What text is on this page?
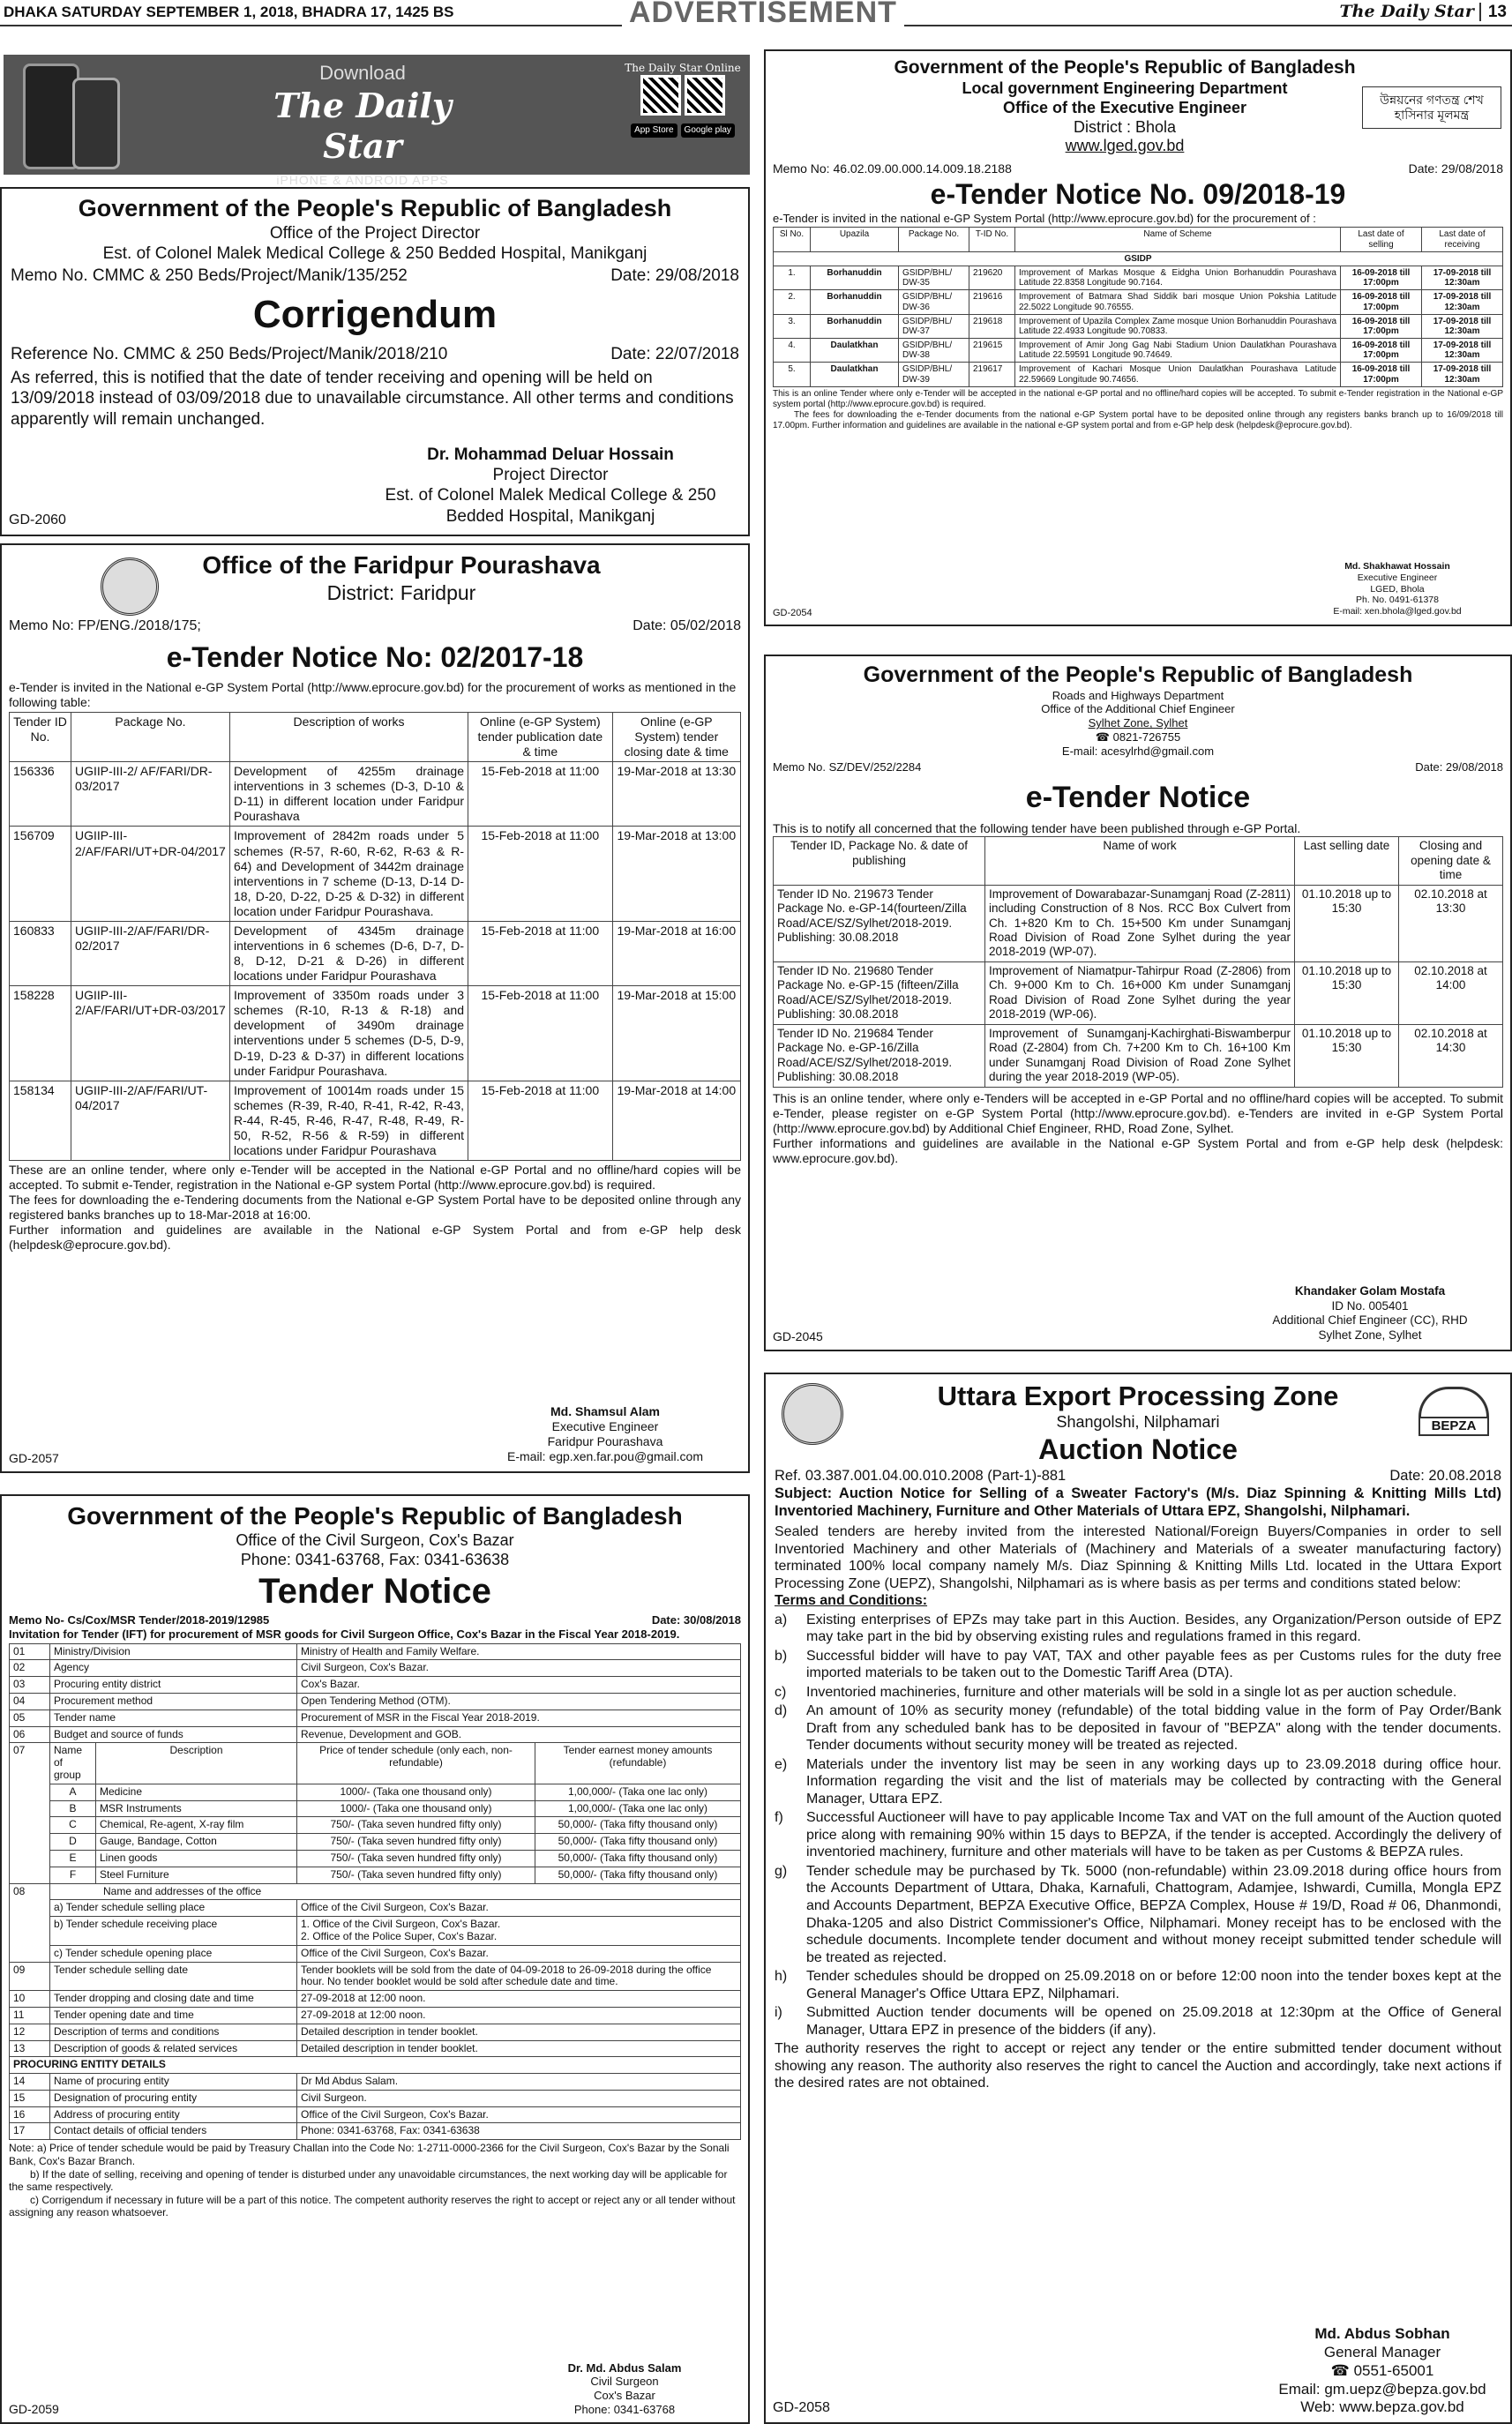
DHAKA SATURDAY SEPTEMBER 1, 2018, BHADRA 17, 1425 BS	ADVERTISEMENT	The Daily Star 13
Download
The Daily Star
iPHONE & ANDROID APPS
The Daily Star Online

App Store	Google play
Government of the People's Republic of Bangladesh
Office of the Project Director
Est. of Colonel Malek Medical College & 250 Bedded Hospital, Manikganj
Memo No. CMMC & 250 Beds/Project/Manik/135/252	Date: 29/08/2018
Corrigendum
Reference No. CMMC & 250 Beds/Project/Manik/2018/210	Date: 22/07/2018

As referred, this is notified that the date of tender receiving and opening will be held on 13/09/2018 instead of 03/09/2018 due to unavailable circumstance. All other terms and conditions apparently will remain unchanged.

Dr. Mohammad Deluar Hossain
Project Director
Est. of Colonel Malek Medical College & 250 Bedded Hospital, Manikganj
GD-2060
Office of the Faridpur Pourashava
District: Faridpur
Memo No: FP/ENG./2018/175;	Date: 05/02/2018
e-Tender Notice No: 02/2017-18

e-Tender is invited in the National e-GP System Portal (http://www.eprocure.gov.bd) for the procurement of works as mentioned in the following table:

Tender ID No.	Package No.	Description of works	Online (e-GP System) tender publication date & time	Online (e-GP System) tender closing date & time
156336	UGIIP-III-2/ AF/FARI/DR-03/2017	Development of 4255m drainage interventions in 3 schemes (D-3, D-10 & D-11) in different location under Faridpur Pourashava	15-Feb-2018 at 11:00	19-Mar-2018 at 13:30
156709	UGIIP-III-2/AF/FARI/UT+DR-04/2017	Improvement of 2842m roads under 5 schemes (R-57, R-60, R-62, R-63 & R-64) and Development of 3442m drainage interventions in 7 scheme (D-13, D-14 D-18, D-20, D-22, D-25 & D-32) in different location under Faridpur Pourashava.	15-Feb-2018 at 11:00	19-Mar-2018 at 13:00
160833	UGIIP-III-2/AF/FARI/DR-02/2017	Development of 4345m drainage interventions in 6 schemes (D-6, D-7, D-8, D-12, D-21 & D-26) in different locations under Faridpur Pourashava	15-Feb-2018 at 11:00	19-Mar-2018 at 16:00
158228	UGIIP-III-2/AF/FARI/UT+DR-03/2017	Improvement of 3350m roads under 3 schemes (R-10, R-13 & R-18) and development of 3490m drainage interventions under 5 schemes (D-5, D-9, D-19, D-23 & D-37) in different locations under Faridpur Pourashava.	15-Feb-2018 at 11:00	19-Mar-2018 at 15:00
158134	UGIIP-III-2/AF/FARI/UT-04/2017	Improvement of 10014m roads under 15 schemes (R-39, R-40, R-41, R-42, R-43, R-44, R-45, R-46, R-47, R-48, R-49, R-50, R-52, R-56 & R-59) in different locations under Faridpur Pourashava	15-Feb-2018 at 11:00	19-Mar-2018 at 14:00

These are an online tender, where only e-Tender will be accepted in the National e-GP Portal and no offline/hard copies will be accepted. To submit e-Tender, registration in the National e-GP system Portal (http://www.eprocure.gov.bd) is required.

The fees for downloading the e-Tendering documents from the National e-GP System Portal have to be deposited online through any registered banks branches up to 18-Mar-2018 at 16:00.

Further information and guidelines are available in the National e-GP System Portal and from e-GP help desk (helpdesk@eprocure.gov.bd).

Md. Shamsul Alam
Executive Engineer
Faridpur Pourashava
E-mail: egp.xen.far.pou@gmail.com
GD-2057
Government of the People's Republic of Bangladesh
Office of the Civil Surgeon, Cox's Bazar
Phone: 0341-63768, Fax: 0341-63638
Tender Notice
Memo No- Cs/Cox/MSR Tender/2018-2019/12985	Date: 30/08/2018
Invitation for Tender (IFT) for procurement of MSR goods for Civil Surgeon Office, Cox's Bazar in the Fiscal Year 2018-2019.
01	Ministry/Division		Ministry of Health and Family Welfare.	
02	Agency		Civil Surgeon, Cox's Bazar.	
03	Procuring entity district		Cox's Bazar.	
04	Procurement method		Open Tendering Method (OTM).	
05	Tender name		Procurement of MSR in the Fiscal Year 2018-2019.	
06	Budget and source of funds		Revenue, Development and GOB.	
07	Name of group	Description	Price of tender schedule (only each, non-refundable)	Tender earnest money amounts (refundable)
	A	Medicine	1000/- (Taka one thousand only)	1,00,000/- (Taka one lac only)
	B	MSR Instruments	1000/- (Taka one thousand only)	1,00,000/- (Taka one lac only)
	C	Chemical, Re-agent, X-ray film	750/- (Taka seven hundred fifty only)	50,000/- (Taka fifty thousand only)
	D	Gauge, Bandage, Cotton	750/- (Taka seven hundred fifty only)	50,000/- (Taka fifty thousand only)
	E	Linen goods	750/- (Taka seven hundred fifty only)	50,000/- (Taka fifty thousand only)
	F	Steel Furniture	750/- (Taka seven hundred fifty only)	50,000/- (Taka fifty thousand only)
08	Name and addresses of the office			
	a) Tender schedule selling place		Office of the Civil Surgeon, Cox's Bazar.	
	b) Tender schedule receiving place		1. Office of the Civil Surgeon, Cox's Bazar.
2. Office of the Police Super, Cox's Bazar.	

	c) Tender schedule opening place		Office of the Civil Surgeon, Cox's Bazar.	
09	Tender schedule selling date		Tender booklets will be sold from the date of 04-09-2018 to 26-09-2018 during the office hour. No tender booklet would be sold after schedule date and time.	
10	Tender dropping and closing date and time		27-09-2018 at 12:00 noon.	
11	Tender opening date and time		27-09-2018 at 12:00 noon.	
12	Description of terms and conditions		Detailed description in tender booklet.	
13	Description of goods & related services		Detailed description in tender booklet.	
PROCURING ENTITY DETAILS				
14	Name of procuring entity		Dr Md Abdus Salam.	
15	Designation of procuring entity		Civil Surgeon.	
16	Address of procuring entity		Office of the Civil Surgeon, Cox's Bazar.	
17	Contact details of official tenders		Phone: 0341-63768, Fax: 0341-63638	

Note: a) Price of tender schedule would be paid by Treasury Challan into the Code No: 1-2711-0000-2366 for the Civil Surgeon, Cox's Bazar by the Sonali Bank, Cox's Bazar Branch.

b) If the date of selling, receiving and opening of tender is disturbed under any unavoidable circumstances, the next working day will be applicable for the same respectively.

c) Corrigendum if necessary in future will be a part of this notice. The competent authority reserves the right to accept or reject any or all tender without assigning any reason whatsoever.

Dr. Md. Abdus Salam
Civil Surgeon
Cox's Bazar
Phone: 0341-63768
GD-2059
Government of the People's Republic of Bangladesh
Local government Engineering Department
Office of the Executive Engineer
District : Bhola
www.lged.gov.bd
উন্নয়নের গণতন্ত্র শেখ হাসিনার মূলমন্ত্র
Memo No: 46.02.09.00.000.14.009.18.2188	Date: 29/08/2018
e-Tender Notice No. 09/2018-19

e-Tender is invited in the national e-GP System Portal (http://www.eprocure.gov.bd) for the procurement of :

Sl No.	Upazila	Package No.	T-ID No.	Name of Scheme	Last date of selling	Last date of receiving
GSIDP						
1.	Borhanuddin	GSIDP/BHL/ DW-35	219620	Improvement of Markas Mosque & Eidgha Union Borhanuddin Pourashava Latitude 22.8358 Longitude 90.7164.	16-09-2018 till 17:00pm	17-09-2018 till 12:30am
2.	Borhanuddin	GSIDP/BHL/ DW-36	219616	Improvement of Batmara Shad Siddik bari mosque Union Pokshia Latitude 22.5022 Longitude 90.76555.	16-09-2018 till 17:00pm	17-09-2018 till 12:30am
3.	Borhanuddin	GSIDP/BHL/ DW-37	219618	Improvement of Upazila Complex Zame mosque Union Borhanuddin Pourashava Latitude 22.4933 Longitude 90.70833.	16-09-2018 till 17:00pm	17-09-2018 till 12:30am
4.	Daulatkhan	GSIDP/BHL/ DW-38	219615	Improvement of Amir Jong Gag Nabi Stadium Union Daulatkhan Pourashava Latitude 22.59591 Longitude 90.74649.	16-09-2018 till 17:00pm	17-09-2018 till 12:30am
5.	Daulatkhan	GSIDP/BHL/ DW-39	219617	Improvement of Kachari Mosque Union Daulatkhan Pourashava Latitude 22.59669 Longitude 90.74656.	16-09-2018 till 17:00pm	17-09-2018 till 12:30am

This is an online Tender where only e-Tender will be accepted in the national e-GP portal and no offline/hard copies will be accepted. To submit e-Tender registration in the National e-GP system portal (http://www.eprocure.gov.bd) is required.

The fees for downloading the e-Tender documents from the national e-GP System portal have to be deposited online through any registers banks branch up to 16/09/2018 till 17.00pm. Further information and guidelines are available in the national e-GP system portal and from e-GP help desk (helpdesk@eprocure.gov.bd).

Md. Shakhawat Hossain
Executive Engineer
LGED, Bhola
Ph. No. 0491-61378
E-mail: xen.bhola@lged.gov.bd
GD-2054
Government of the People's Republic of Bangladesh
Roads and Highways Department
Office of the Additional Chief Engineer
Sylhet Zone, Sylhet
☎ 0821-726755
E-mail: acesylrhd@gmail.com
Memo No. SZ/DEV/252/2284	Date: 29/08/2018
e-Tender Notice

This is to notify all concerned that the following tender have been published through e-GP Portal.

Tender ID, Package No. & date of publishing	Name of work	Last selling date	Closing and opening date & time
Tender ID No. 219673 Tender Package No. e-GP-14(fourteen/Zilla Road/ACE/SZ/Sylhet/2018-2019. Publishing: 30.08.2018	Improvement of Dowarabazar-Sunamganj Road (Z-2811) including Construction of 8 Nos. RCC Box Culvert from Ch. 1+820 Km to Ch. 15+500 Km under Sunamganj Road Division of Road Zone Sylhet during the year 2018-2019 (WP-07).	01.10.2018 up to 15:30	02.10.2018 at 13:30
Tender ID No. 219680 Tender Package No. e-GP-15 (fifteen/Zilla Road/ACE/SZ/Sylhet/2018-2019. Publishing: 30.08.2018	Improvement of Niamatpur-Tahirpur Road (Z-2806) from Ch. 9+000 Km to Ch. 16+000 Km under Sunamganj Road Division of Road Zone Sylhet during the year 2018-2019 (WP-06).	01.10.2018 up to 15:30	02.10.2018 at 14:00
Tender ID No. 219684 Tender Package No. e-GP-16/Zilla Road/ACE/SZ/Sylhet/2018-2019. Publishing: 30.08.2018	Improvement of Sunamganj-Kachirghati-Biswamberpur Road (Z-2804) from Ch. 7+200 Km to Ch. 16+100 Km under Sunamganj Road Division of Road Zone Sylhet during the year 2018-2019 (WP-05).	01.10.2018 up to 15:30	02.10.2018 at 14:30

This is an online tender, where only e-Tenders will be accepted in e-GP Portal and no offline/hard copies will be accepted. To submit e-Tender, please register on e-GP System Portal (http://www.eprocure.gov.bd). e-Tenders are invited in e-GP System Portal (http://www.eprocure.gov.bd) by Additional Chief Engineer, RHD, Road Zone, Sylhet.

Further informations and guidelines are available in the National e-GP System Portal and from e-GP help desk (helpdesk: www.eprocure.gov.bd).

Khandaker Golam Mostafa
ID No. 005401
Additional Chief Engineer (CC), RHD
Sylhet Zone, Sylhet
GD-2045
BEPZA
Uttara Export Processing Zone
Shangolshi, Nilphamari
Auction Notice
Ref. 03.387.001.04.00.010.2008 (Part-1)-881	Date: 20.08.2018

Subject: Auction Notice for Selling of a Sweater Factory's (M/s. Diaz Spinning & Knitting Mills Ltd) Inventoried Machinery, Furniture and Other Materials of Uttara EPZ, Shangolshi, Nilphamari.

Sealed tenders are hereby invited from the interested National/Foreign Buyers/Companies in order to sell Inventoried Machinery and other Materials of (Machinery and Materials of a sweater manufacturing factory) terminated 100% local company namely M/s. Diaz Spinning & Knitting Mills Ltd. located in the Uttara Export Processing Zone (UEPZ), Shangolshi, Nilphamari as is where basis as per terms and conditions stated below:

Terms and Conditions:
a)	Existing enterprises of EPZs may take part in this Auction. Besides, any Organization/Person outside of EPZ may take part in the bid by observing existing rules and regulations framed in this regard.
b)	Successful bidder will have to pay VAT, TAX and other payable fees as per Customs rules for the duty free imported materials to be taken out to the Domestic Tariff Area (DTA).
c)	Inventoried machineries, furniture and other materials will be sold in a single lot as per auction schedule.
d)	An amount of 10% as security money (refundable) of the total bidding value in the form of Pay Order/Bank Draft from any scheduled bank has to be deposited in favour of "BEPZA" along with the tender documents. Tender documents without security money will be treated as rejected.
e)	Materials under the inventory list may be seen in any working days up to 23.09.2018 during office hour. Information regarding the visit and the list of materials may be collected by contracting with the General Manager, Uttara EPZ.
f)	Successful Auctioneer will have to pay applicable Income Tax and VAT on the full amount of the Auction quoted price along with remaining 90% within 15 days to BEPZA, if the tender is accepted. Accordingly the delivery of inventoried machinery, furniture and other materials will have to be taken as per Customs & BEPZA rules.
g)	Tender schedule may be purchased by Tk. 5000 (non-refundable) within 23.09.2018 during office hours from the Accounts Department of Uttara, Dhaka, Karnafuli, Chattogram, Adamjee, Ishwardi, Cumilla, Mongla EPZ and Accounts Department, BEPZA Executive Office, BEPZA Complex, House # 19/D, Road # 06, Dhanmondi, Dhaka-1205 and also District Commissioner's Office, Nilphamari. Money receipt has to be enclosed with the schedule documents. Incomplete tender document and without money receipt submitted tender schedule will be treated as rejected.
h)	Tender schedules should be dropped on 25.09.2018 on or before 12:00 noon into the tender boxes kept at the General Manager's Office Uttara EPZ, Nilphamari.
i)	Submitted Auction tender documents will be opened on 25.09.2018 at 12:30pm at the Office of General Manager, Uttara EPZ in presence of the bidders (if any).

The authority reserves the right to accept or reject any tender or the entire submitted tender document without showing any reason. The authority also reserves the right to cancel the Auction and accordingly, take next actions if the desired rates are not obtained.

Md. Abdus Sobhan
General Manager
☎ 0551-65001
Email: gm.uepz@bepza.gov.bd
Web: www.bepza.gov.bd
GD-2058
